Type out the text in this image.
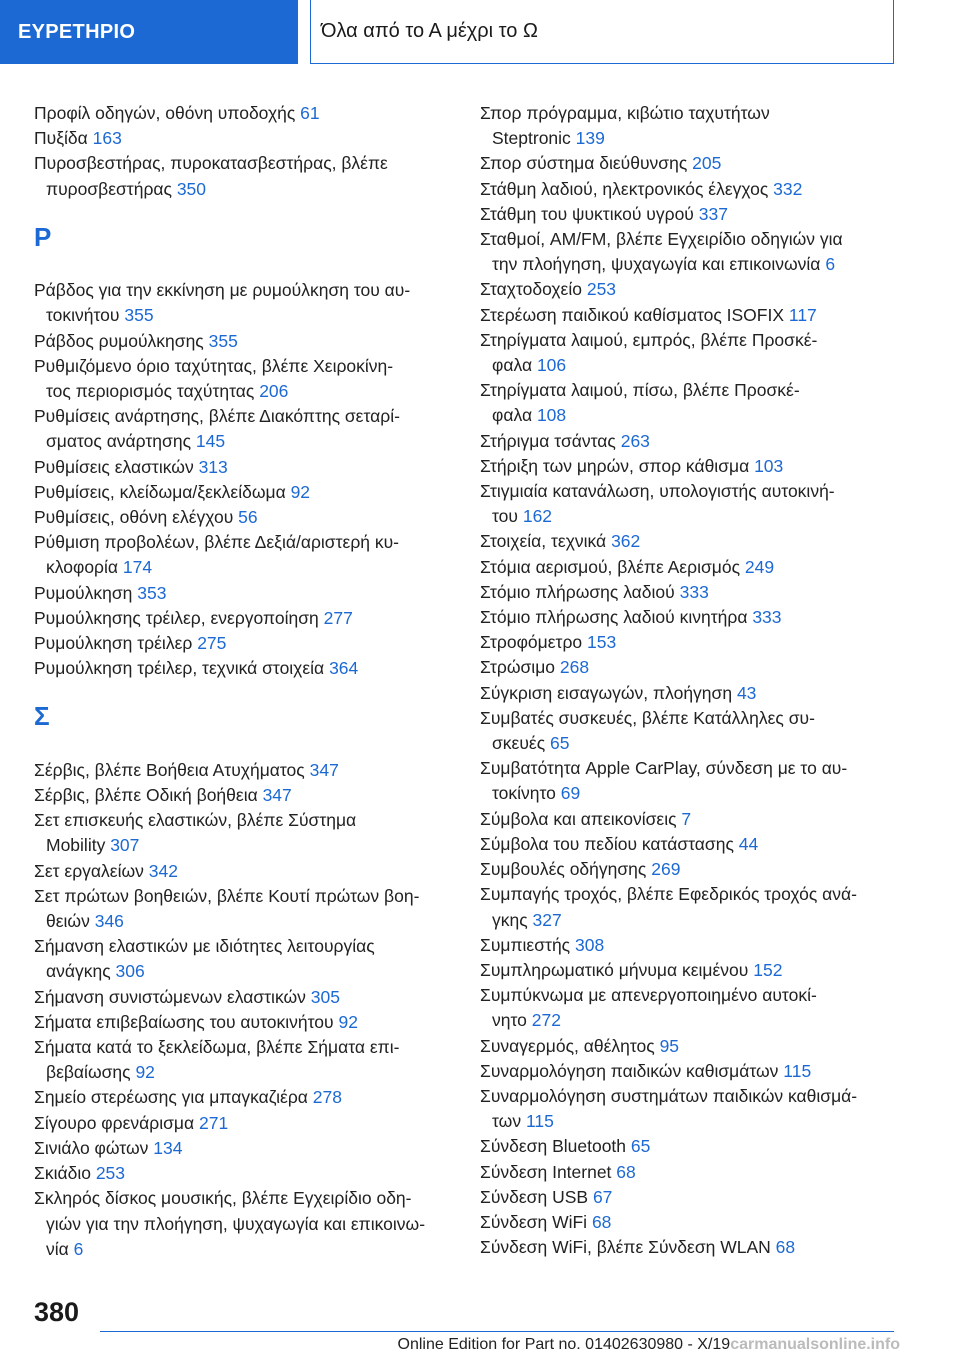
ΕΥΡΕΤΗΡΙΟ	Όλα από το Α μέχρι το Ω
Προφίλ οδηγών, οθόνη υποδοχής 61
Πυξίδα 163
Πυροσβεστήρας, πυροκατασβεστήρας, βλέπε
πυροσβεστήρας 350
Ρ
Ράβδος για την εκκίνηση με ρυμούλκηση του αυ-
τοκινήτου 355
Ράβδος ρυμούλκησης 355
Ρυθμιζόμενο όριο ταχύτητας, βλέπε Χειροκίνη-
τος περιορισμός ταχύτητας 206
Ρυθμίσεις ανάρτησης, βλέπε Διακόπτης σεταρί-
σματος ανάρτησης 145
Ρυθμίσεις ελαστικών 313
Ρυθμίσεις, κλείδωμα/ξεκλείδωμα 92
Ρυθμίσεις, οθόνη ελέγχου 56
Ρύθμιση προβολέων, βλέπε Δεξιά/αριστερή κυ-
κλοφορία 174
Ρυμούλκηση 353
Ρυμούλκησης τρέιλερ, ενεργοποίηση 277
Ρυμούλκηση τρέιλερ 275
Ρυμούλκηση τρέιλερ, τεχνικά στοιχεία 364
Σ
Σέρβις, βλέπε Βοήθεια Ατυχήματος 347
Σέρβις, βλέπε Οδική βοήθεια 347
Σετ επισκευής ελαστικών, βλέπε Σύστημα
Mobility 307
Σετ εργαλείων 342
Σετ πρώτων βοηθειών, βλέπε Κουτί πρώτων βοη-
θειών 346
Σήμανση ελαστικών με ιδιότητες λειτουργίας
ανάγκης 306
Σήμανση συνιστώμενων ελαστικών 305
Σήματα επιβεβαίωσης του αυτοκινήτου 92
Σήματα κατά το ξεκλείδωμα, βλέπε Σήματα επι-
βεβαίωσης 92
Σημείο στερέωσης για μπαγκαζιέρα 278
Σίγουρο φρενάρισμα 271
Σινιάλο φώτων 134
Σκιάδιο 253
Σκληρός δίσκος μουσικής, βλέπε Εγχειρίδιο οδη-
γιών για την πλοήγηση, ψυχαγωγία και επικοινω-
νία 6
Σπορ πρόγραμμα, κιβώτιο ταχυτήτων
Steptronic 139
Σπορ σύστημα διεύθυνσης 205
Στάθμη λαδιού, ηλεκτρονικός έλεγχος 332
Στάθμη του ψυκτικού υγρού 337
Σταθμοί, AM/FM, βλέπε Εγχειρίδιο οδηγιών για
την πλοήγηση, ψυχαγωγία και επικοινωνία 6
Σταχτοδοχείο 253
Στερέωση παιδικού καθίσματος ISOFIX 117
Στηρίγματα λαιμού, εμπρός, βλέπε Προσκέ-
φαλα 106
Στηρίγματα λαιμού, πίσω, βλέπε Προσκέ-
φαλα 108
Στήριγμα τσάντας 263
Στήριξη των μηρών, σπορ κάθισμα 103
Στιγμιαία κατανάλωση, υπολογιστής αυτοκινή-
του 162
Στοιχεία, τεχνικά 362
Στόμια αερισμού, βλέπε Αερισμός 249
Στόμιο πλήρωσης λαδιού 333
Στόμιο πλήρωσης λαδιού κινητήρα 333
Στροφόμετρο 153
Στρώσιμο 268
Σύγκριση εισαγωγών, πλοήγηση 43
Συμβατές συσκευές, βλέπε Κατάλληλες συ-
σκευές 65
Συμβατότητα Apple CarPlay, σύνδεση με το αυ-
τοκίνητο 69
Σύμβολα και απεικονίσεις 7
Σύμβολα του πεδίου κατάστασης 44
Συμβουλές οδήγησης 269
Συμπαγής τροχός, βλέπε Εφεδρικός τροχός ανά-
γκης 327
Συμπιεστής 308
Συμπληρωματικό μήνυμα κειμένου 152
Συμπύκνωμα με απενεργοποιημένο αυτοκί-
νητο 272
Συναγερμός, αθέλητος 95
Συναρμολόγηση παιδικών καθισμάτων 115
Συναρμολόγηση συστημάτων παιδικών καθισμά-
των 115
Σύνδεση Bluetooth 65
Σύνδεση Internet 68
Σύνδεση USB 67
Σύνδεση WiFi 68
Σύνδεση WiFi, βλέπε Σύνδεση WLAN 68
380
Online Edition for Part no. 01402630980 - X/19carmanualsonline.info
